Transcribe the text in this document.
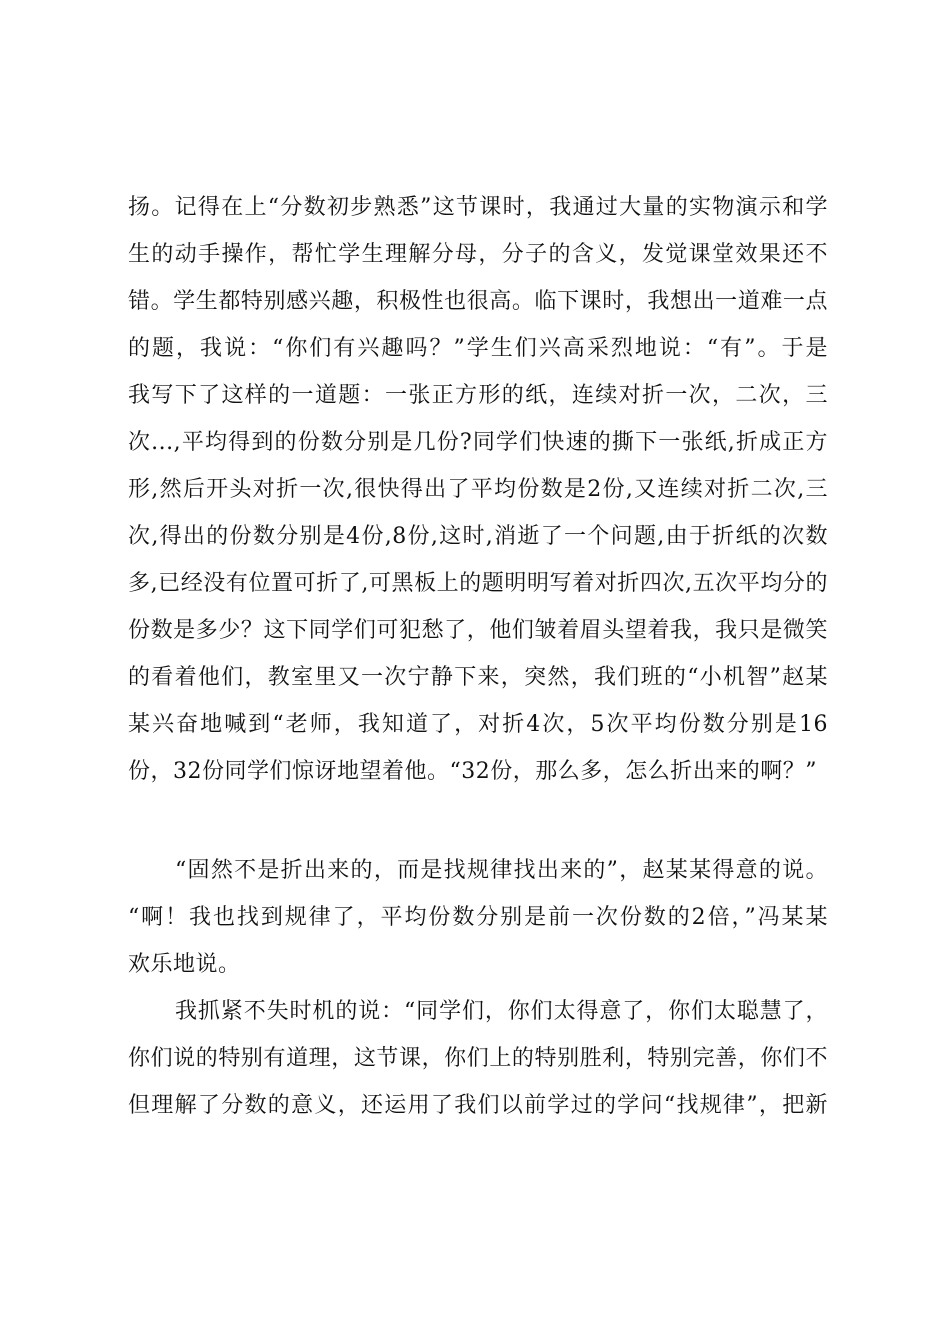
扬。记得在上“分数初步熟悉”这节课时，我通过大量的实物演示和学
生的动手操作，帮忙学生理解分母，分子的含义，发觉课堂效果还不
错。学生都特别感兴趣，积极性也很高。临下课时，我想出一道难一点
的题，我说：“你们有兴趣吗？”学生们兴高采烈地说：“有”。于是
我写下了这样的一道题：一张正方形的纸，连续对折一次，二次，三
次...,平均得到的份数分别是几份?同学们快速的撕下一张纸,折成正方
形,然后开头对折一次,很快得出了平均份数是2份,又连续对折二次,三
次,得出的份数分别是4份,8份,这时,消逝了一个问题,由于折纸的次数
多,已经没有位置可折了,可黑板上的题明明写着对折四次,五次平均分的
份数是多少？这下同学们可犯愁了，他们皱着眉头望着我，我只是微笑
的看着他们，教室里又一次宁静下来，突然，我们班的“小机智”赵某
某兴奋地喊到“老师，我知道了，对折4次，5次平均份数分别是16
份，32份同学们惊讶地望着他。“32份，那么多，怎么折出来的啊？”
“固然不是折出来的，而是找规律找出来的”，赵某某得意的说。
“啊！我也找到规律了，平均份数分别是前一次份数的2倍，”冯某某
欢乐地说。
我抓紧不失时机的说：“同学们，你们太得意了，你们太聪慧了，
你们说的特别有道理，这节课，你们上的特别胜利，特别完善，你们不
但理解了分数的意义，还运用了我们以前学过的学问“找规律”，把新
